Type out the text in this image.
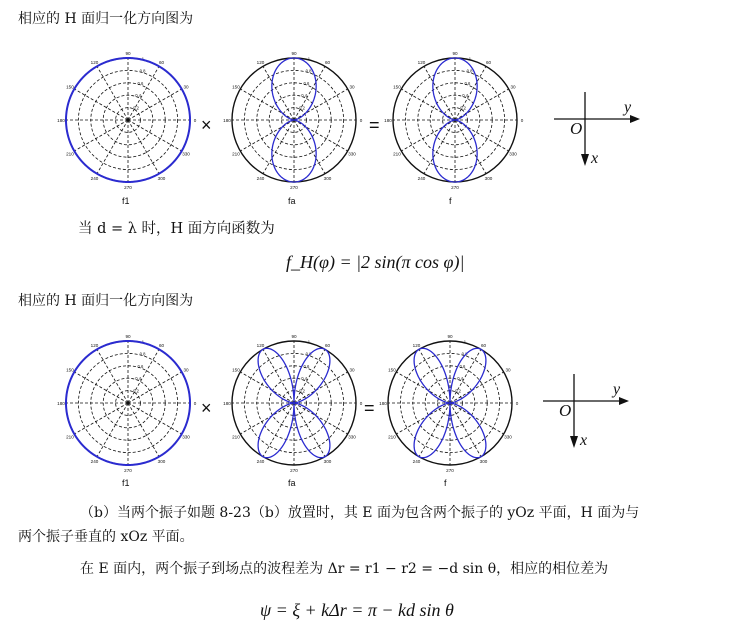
相应的 H 面归一化方向图为
90
60
30
0
330
300
270
240
210
180
150
120
1
0.8
0.6
0.4
0.2
f1
×
90
60
30
0
330
300
270
240
210
180
150
120
1
0.8
0.6
0.4
0.2
fa
=
90
60
30
0
330
300
270
240
210
180
150
120
1
0.8
0.6
0.4
0.2
f
O
y
x
当 d = λ 时，H 面方向函数为
f_H(φ) = |2 sin(π cos φ)|
相应的 H 面归一化方向图为
90
60
30
0
330
300
270
240
210
180
150
120
1
0.8
0.6
0.4
0.2
f1
×
90
60
30
0
330
300
270
240
210
180
150
120
1
0.8
0.6
0.4
0.2
fa
=
90
60
30
0
330
300
270
240
210
180
150
120
1
0.8
0.6
0.4
0.2
f
O
y
x
（b）当两个振子如题 8-23（b）放置时，其 E 面为包含两个振子的 yOz 平面，H 面为与
两个振子垂直的 xOz 平面。
在 E 面内，两个振子到场点的波程差为 Δr = r1 − r2 = −d sin θ，相应的相位差为
ψ = ξ + kΔr = π − kd sin θ
